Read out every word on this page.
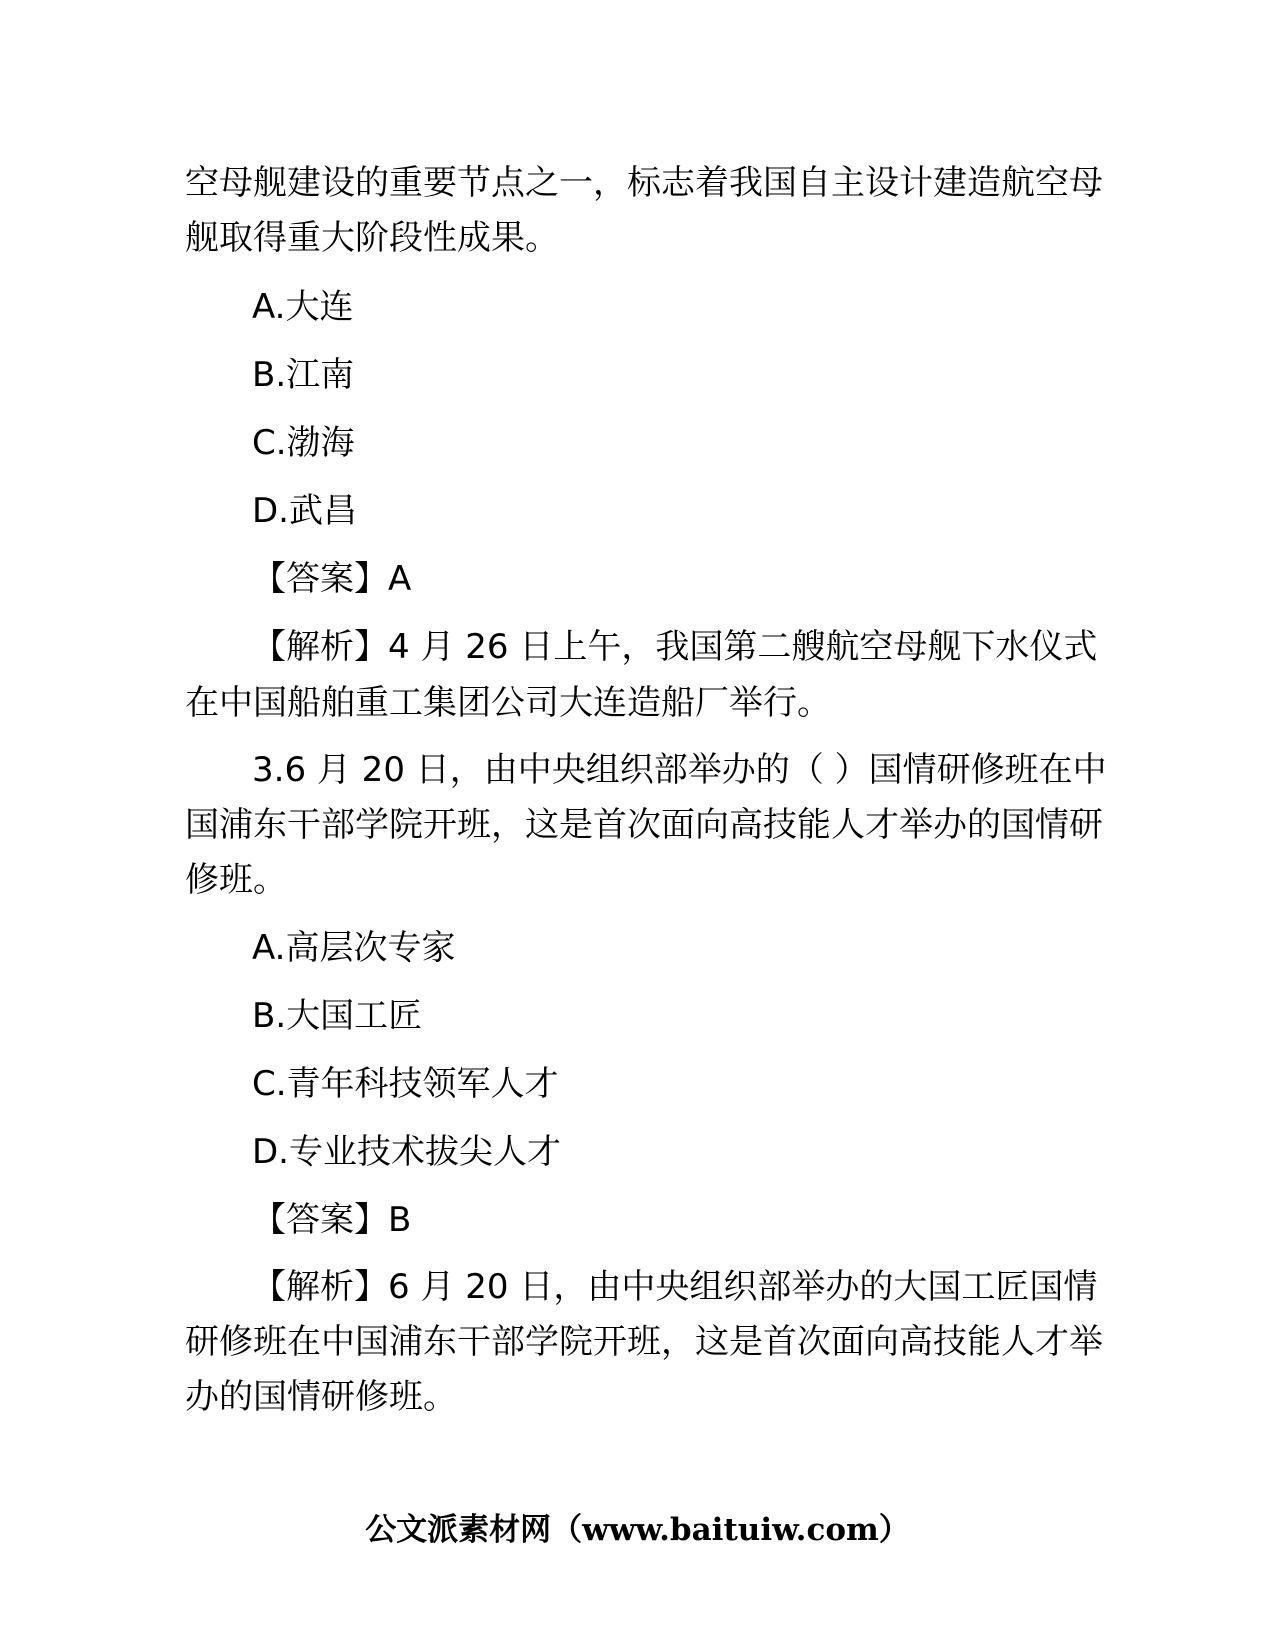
空母舰建设的重要节点之一，标志着我国自主设计建造航空母
舰取得重大阶段性成果。
A.大连
B.江南
C.渤海
D.武昌
【答案】A
【解析】4 月 26 日上午，我国第二艘航空母舰下水仪式
在中国船舶重工集团公司大连造船厂举行。
3.6 月 20 日，由中央组织部举办的（ ）国情研修班在中
国浦东干部学院开班，这是首次面向高技能人才举办的国情研
修班。
A.高层次专家
B.大国工匠
C.青年科技领军人才
D.专业技术拔尖人才
【答案】B
【解析】6 月 20 日，由中央组织部举办的大国工匠国情
研修班在中国浦东干部学院开班，这是首次面向高技能人才举
办的国情研修班。
公文派素材网（www.baituiw.com）
